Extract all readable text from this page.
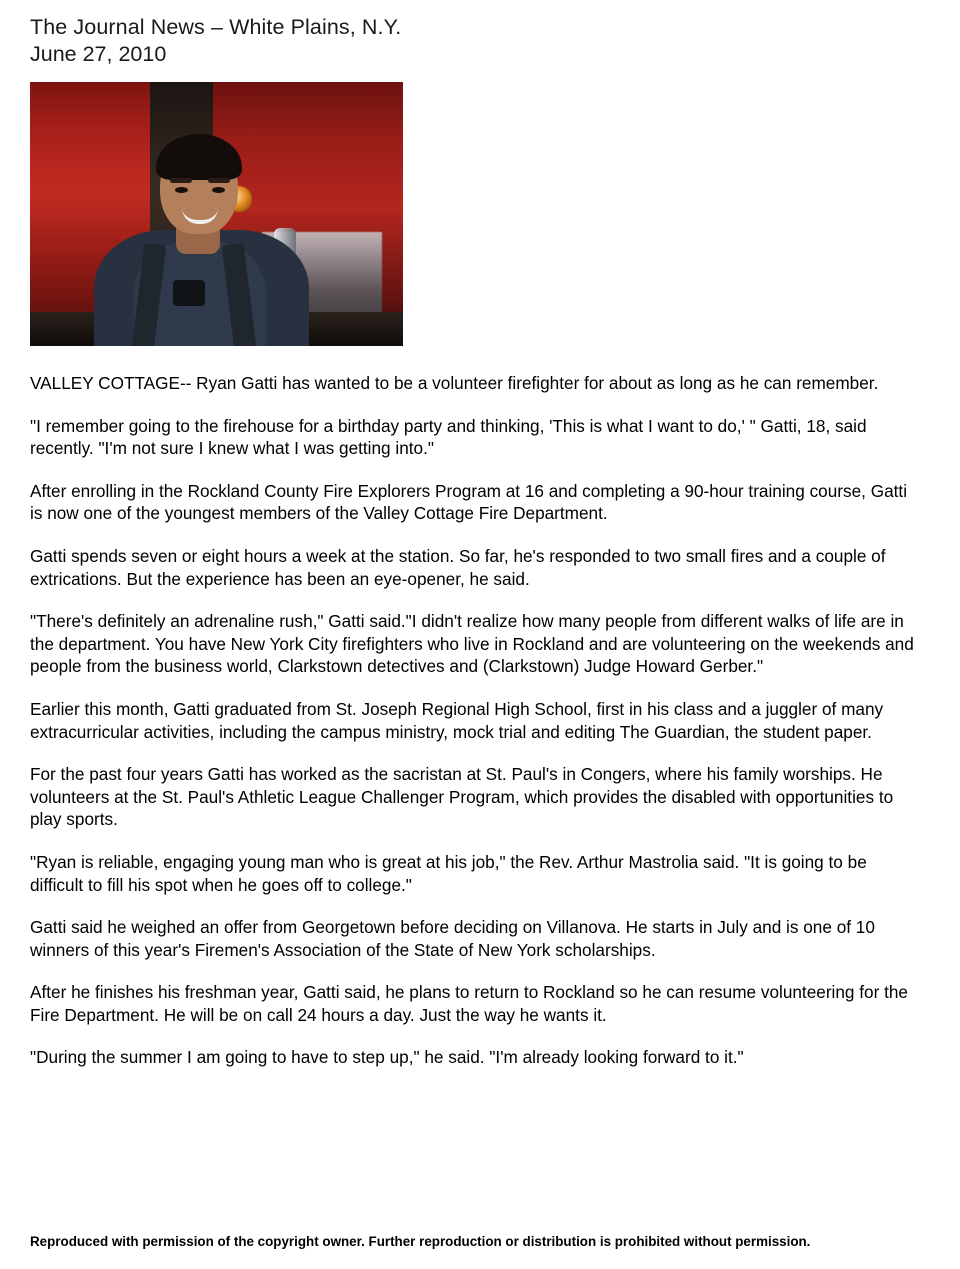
The Journal News – White Plains, N.Y.
June 27, 2010

VALLEY COTTAGE-- Ryan Gatti has wanted to be a volunteer firefighter for about as long as he can remember.

"I remember going to the firehouse for a birthday party and thinking, 'This is what I want to do,' " Gatti, 18, said recently. "I'm not sure I knew what I was getting into."

After enrolling in the Rockland County Fire Explorers Program at 16 and completing a 90-hour training course, Gatti is now one of the youngest members of the Valley Cottage Fire Department.

Gatti spends seven or eight hours a week at the station. So far, he's responded to two small fires and a couple of extrications. But the experience has been an eye-opener, he said.

"There's definitely an adrenaline rush," Gatti said."I didn't realize how many people from different walks of life are in the department. You have New York City firefighters who live in Rockland and are volunteering on the weekends and people from the business world, Clarkstown detectives and (Clarkstown) Judge Howard Gerber."

Earlier this month, Gatti graduated from St. Joseph Regional High School, first in his class and a juggler of many extracurricular activities, including the campus ministry, mock trial and editing The Guardian, the student paper.

For the past four years Gatti has worked as the sacristan at St. Paul's in Congers, where his family worships. He volunteers at the St. Paul's Athletic League Challenger Program, which provides the disabled with opportunities to play sports.

"Ryan is reliable, engaging young man who is great at his job," the Rev. Arthur Mastrolia said. "It is going to be difficult to fill his spot when he goes off to college."

Gatti said he weighed an offer from Georgetown before deciding on Villanova. He starts in July and is one of 10 winners of this year's Firemen's Association of the State of New York scholarships.

After he finishes his freshman year, Gatti said, he plans to return to Rockland so he can resume volunteering for the Fire Department. He will be on call 24 hours a day. Just the way he wants it.

"During the summer I am going to have to step up," he said. "I'm already looking forward to it."

Reproduced with permission of the copyright owner. Further reproduction or distribution is prohibited without permission.
